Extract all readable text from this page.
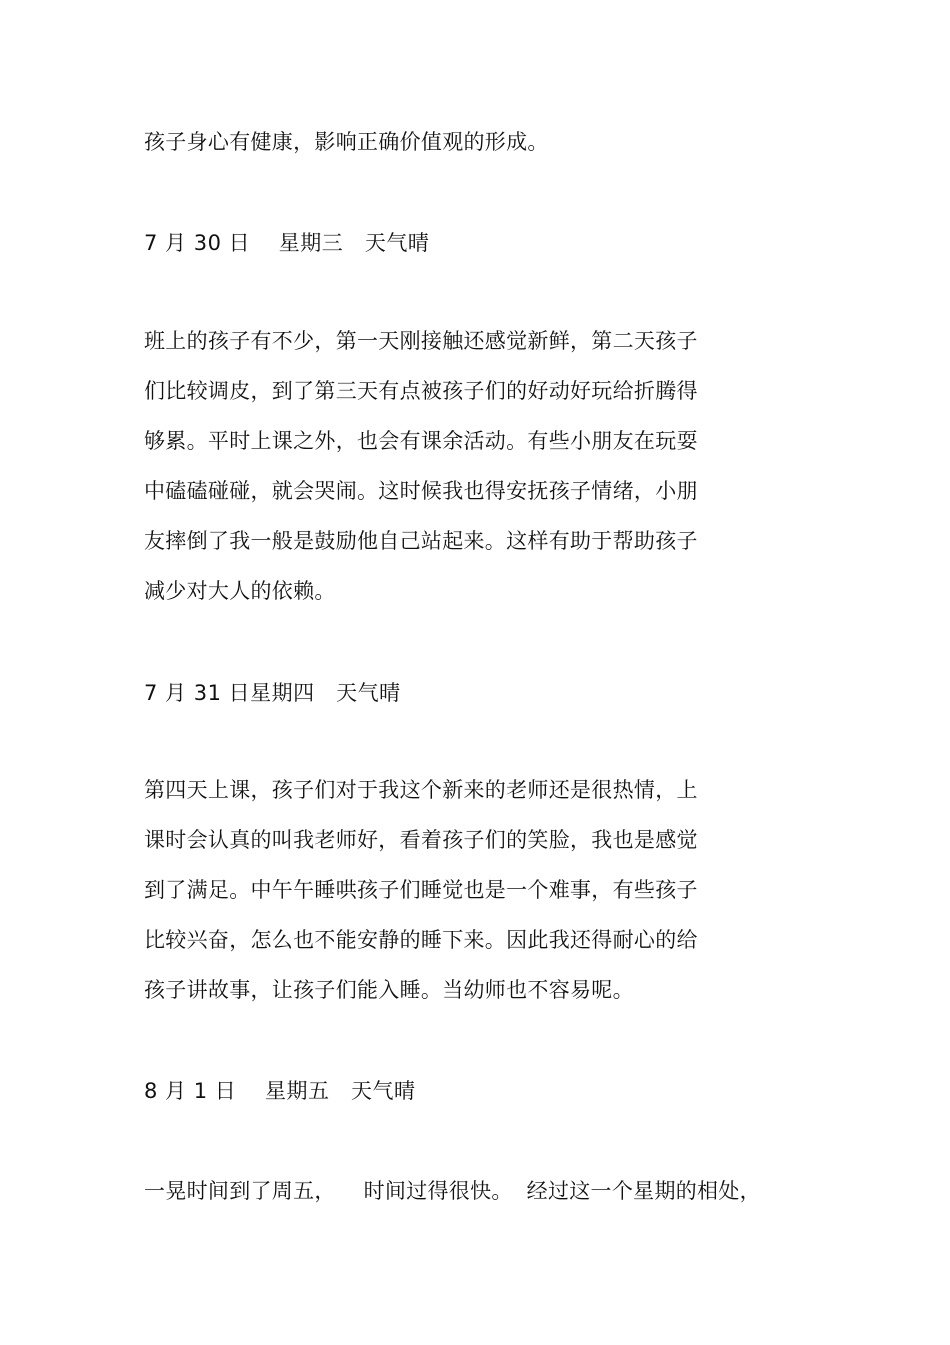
孩子身心有健康，影响正确价值观的形成。
7 月 30 日    星期三   天气晴
班上的孩子有不少，第一天刚接触还感觉新鲜，第二天孩子
们比较调皮，到了第三天有点被孩子们的好动好玩给折腾得
够累。平时上课之外，也会有课余活动。有些小朋友在玩耍
中磕磕碰碰，就会哭闹。这时候我也得安抚孩子情绪，小朋
友摔倒了我一般是鼓励他自己站起来。这样有助于帮助孩子
减少对大人的依赖。
7 月 31 日星期四   天气晴
第四天上课，孩子们对于我这个新来的老师还是很热情，上
课时会认真的叫我老师好，看着孩子们的笑脸，我也是感觉
到了满足。中午午睡哄孩子们睡觉也是一个难事，有些孩子
比较兴奋，怎么也不能安静的睡下来。因此我还得耐心的给
孩子讲故事，让孩子们能入睡。当幼师也不容易呢。
8 月 1 日    星期五   天气晴
一晃时间到了周五，    时间过得很快。  经过这一个星期的相处，
